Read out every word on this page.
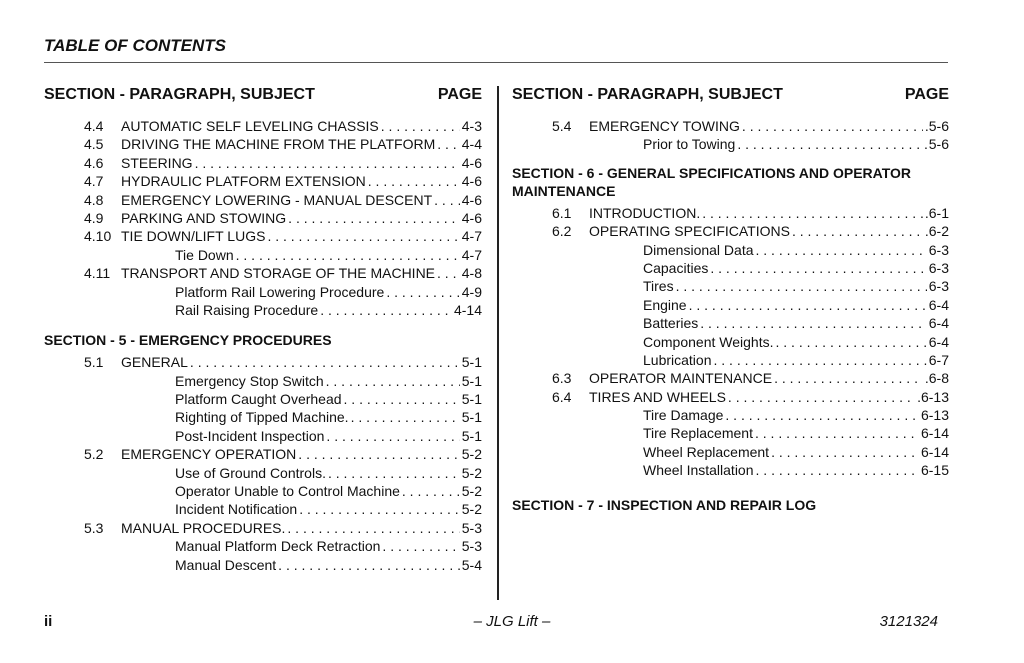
TABLE OF CONTENTS
SECTION - PARAGRAPH, SUBJECT	PAGE
4.4	AUTOMATIC SELF LEVELING CHASSIS . . .	4-3
4.5	DRIVING THE MACHINE FROM THE PLATFORM . . . 4-4
4.6	STEERING . . .	4-6
4.7	HYDRAULIC PLATFORM EXTENSION . . .	4-6
4.8	EMERGENCY LOWERING - MANUAL DESCENT . . . 4-6
4.9	PARKING AND STOWING . . .	4-6
4.10 TIE DOWN/LIFT LUGS . . .	4-7
Tie Down . . .	4-7
4.11 TRANSPORT AND STORAGE OF THE MACHINE . . . 4-8
Platform Rail Lowering Procedure . . .	4-9
Rail Raising Procedure . . .	4-14
SECTION - 5 - EMERGENCY PROCEDURES
5.1	GENERAL . . .	5-1
Emergency Stop Switch . . .	5-1
Platform Caught Overhead . . .	5-1
Righting of Tipped Machine. . . .	5-1
Post-Incident Inspection . . .	5-1
5.2	EMERGENCY OPERATION . . .	5-2
Use of Ground Controls. . . .	5-2
Operator Unable to Control Machine . . .	5-2
Incident Notification . . .	5-2
5.3	MANUAL PROCEDURES. . . .	5-3
Manual Platform Deck Retraction . . .	5-3
Manual Descent . . .	5-4
SECTION - PARAGRAPH, SUBJECT	PAGE
5.4	EMERGENCY TOWING . . .	.5-6
Prior to Towing . . .	5-6
SECTION - 6 - GENERAL SPECIFICATIONS AND OPERATOR
MAINTENANCE
6.1	INTRODUCTION. . . .	.6-1
6.2	OPERATING SPECIFICATIONS . . .	.6-2
Dimensional Data . . .	6-3
Capacities . . .	6-3
Tires . . .	6-3
Engine . . .	6-4
Batteries . . .	6-4
Component Weights. . . .	6-4
Lubrication . . .	6-7
6.3	OPERATOR MAINTENANCE . . .	.6-8
6.4	TIRES AND WHEELS . . .	.6-13
Tire Damage . . .	6-13
Tire Replacement . . .	6-14
Wheel Replacement . . .	6-14
Wheel Installation . . .	6-15
SECTION - 7 - INSPECTION AND REPAIR LOG
ii	– JLG Lift –	3121324
